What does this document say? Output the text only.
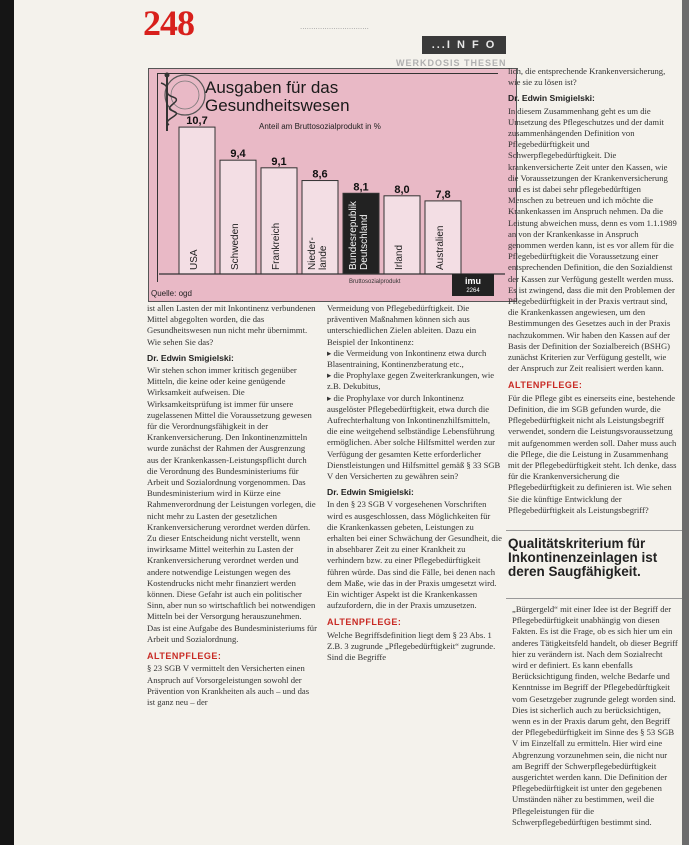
248	...............................
...I N F O
WERKDOSIS THESEN
10,7
USA
9,4
Schweden
9,1
Frankreich
8,6
Nieder-lande
8,1
BundesrepublikDeutschland
8,0
Irland
7,8
Australien
Ausgaben für das
Gesundheitswesen
Anteil am Bruttosozialprodukt in %
Bruttosozialprodukt	imu
2264
Quelle: ogd

ist allen Lasten der mit Inkontinenz verbundenen Mittel abgegolten worden, die das Gesundheitswesen nun nicht mehr übernimmt. Wie sehen Sie das?

Dr. Edwin Smigielski:

Wir stehen schon immer kritisch gegenüber Mitteln, die keine oder keine genügende Wirksamkeit aufweisen. Die Wirksamkeitsprüfung ist immer für unsere zugelassenen Mittel die Voraussetzung gewesen für die Verordnungsfähigkeit in der Krankenversicherung. Den Inkontinenzmitteln wurde zunächst der Rahmen der Ausgrenzung aus der Krankenkassen-Leistungspflicht durch die Verordnung des Bundesministeriums für Arbeit und Sozialordnung vorgenommen. Das Bundesministerium wird in Kürze eine Rahmenverordnung der Leistungen vorlegen, die nicht mehr zu Lasten der gesetzlichen Krankenversicherung verordnet werden dürfen. Zu dieser Entscheidung nicht verstellt, wenn inwirksame Mittel weiterhin zu Lasten der Krankenversicherung verordnet werden und andere notwendige Leistungen wegen des Kostendrucks nicht mehr finanziert werden können. Diese Gefahr ist auch ein politischer Sinn, aber nun so wirtschaftlich bei notwendigen Mitteln bei der Versorgung herauszunehmen. Das ist eine Aufgabe des Bundesministeriums für Arbeit und Sozialordnung.

ALTENPFLEGE:

§ 23 SGB V vermittelt den Versicherten einen Anspruch auf Vorsorgeleistungen sowohl der Prävention von Krankheiten als auch – und das ist ganz neu – der

Vermeidung von Pflegebedürftigkeit. Die präventiven Maßnahmen können sich aus unterschiedlichen Zielen ableiten. Dazu ein Beispiel der Inkontinenz:

▸ die Vermeidung von Inkontinenz etwa durch Blasentraining, Kontinenzberatung etc.,

▸ die Prophylaxe gegen Zweiterkrankungen, wie z.B. Dekubitus,

▸ die Prophylaxe vor durch Inkontinenz ausgelöster Pflegebedürftigkeit, etwa durch die Aufrechterhaltung von Inkontinenzhilfsmitteln, die eine weitgehend selbständige Lebensführung ermöglichen. Aber solche Hilfsmittel werden zur Verfügung der gesamten Kette erforderlicher Dienstleistungen und Hilfsmittel gemäß § 33 SGB V den Versicherten zu gewähren sein?

Dr. Edwin Smigielski:

In den § 23 SGB V vorgesehenen Vorschriften wird es ausgeschlossen, dass Möglichkeiten für die Krankenkassen gebeten, Leistungen zu erhalten bei einer Schwächung der Gesundheit, die in absehbarer Zeit zu einer Krankheit zu verhindern bzw. zu einer Pflegebedürftigkeit führen würde. Das sind die Fälle, bei denen nach dem Maße, wie das in der Praxis umgesetzt wird. Ein wichtiger Aspekt ist die Krankenkassen aufzufordern, die in der Praxis umzusetzen.

ALTENPFLEGE:

Welche Begriffsdefinition liegt dem § 23 Abs. 1 Z.B. 3 zugrunde „Pflegebedürftigkeit“ zugrunde. Sind die Begriffe

lich, die entsprechende Krankenversicherung, wie sie zu lösen ist?

Dr. Edwin Smigielski:

In diesem Zusammenhang geht es um die Umsetzung des Pflegeschutzes und der damit zusammenhängenden Definition von Pflegebedürftigkeit und Schwerpflegebedürftigkeit. Die krankenversicherte Zeit unter den Kassen, wie die Voraussetzungen der Krankenversicherung und es ist dabei sehr pflegebedürftigen Menschen zu betreuen und ich möchte die Krankenkassen im Anspruch nehmen. Da die Leistung abweichen muss, denn es vom 1.1.1989 an von der Krankenkasse in Anspruch genommen werden kann, ist es vor allem für die Pflegebedürftigkeit die Voraussetzung einer entsprechenden Definition, die den Sozialdienst der Kassen zur Verfügung gestellt werden muss. Es ist zwingend, dass die mit den Problemen der Pflegebedürftigkeit in der Praxis vertraut sind, die Krankenkassen angewiesen, um den Bestimmungen des Gesetzes auch in der Praxis nachzukommen. Wir haben den Kassen auf der Basis der Definition der Sozialbereich (BSHG) zunächst Kriterien zur Verfügung gestellt, wie der Anspruch zur Zeit realisiert werden kann.

ALTENPFLEGE:

Für die Pflege gibt es einerseits eine, bestehende Definition, die im SGB gefunden wurde, die Pflegebedürftigkeit nicht als Leistungsbegriff verwendet, sondern die Leistungsvoraussetzung mit aufgenommen werden soll. Daher muss auch die Pflege, die die Leistung in Zusammenhang mit der Pflegebedürftigkeit steht. Ich denke, dass für die Krankenversicherung die Pflegebedürftigkeit zu definieren ist. Wie sehen Sie die künftige Entwicklung der Pflegebedürftigkeit als Leistungsbegriff?

Qualitätskriterium für Inkontinenzeinlagen ist deren Saugfähigkeit.

„Bürgergeld“ mit einer Idee ist der Begriff der Pflegebedürftigkeit unabhängig von diesen Fakten. Es ist die Frage, ob es sich hier um ein anderes Tätigkeitsfeld handelt, ob dieser Begriff hier zu verändern ist. Nach dem Sozialrecht wird er definiert. Es kann ebenfalls Berücksichtigung finden, welche Bedarfe und Kenntnisse im Begriff der Pflegebedürftigkeit vom Gesetzgeber zugrunde gelegt worden sind. Dies ist sicherlich auch zu berücksichtigen, wenn es in der Praxis darum geht, den Begriff der Pflegebedürftigkeit im Sinne des § 53 SGB V im Einzelfall zu ermitteln. Hier wird eine Abgrenzung vorzunehmen sein, die nicht nur am Begriff der Schwerpflegebedürftigkeit ausgerichtet werden kann. Die Definition der Pflegebedürftigkeit ist unter den gegebenen Umständen näher zu bestimmen, weil die Pflegeleistungen für die Schwerpflegebedürftigen bestimmt sind.
